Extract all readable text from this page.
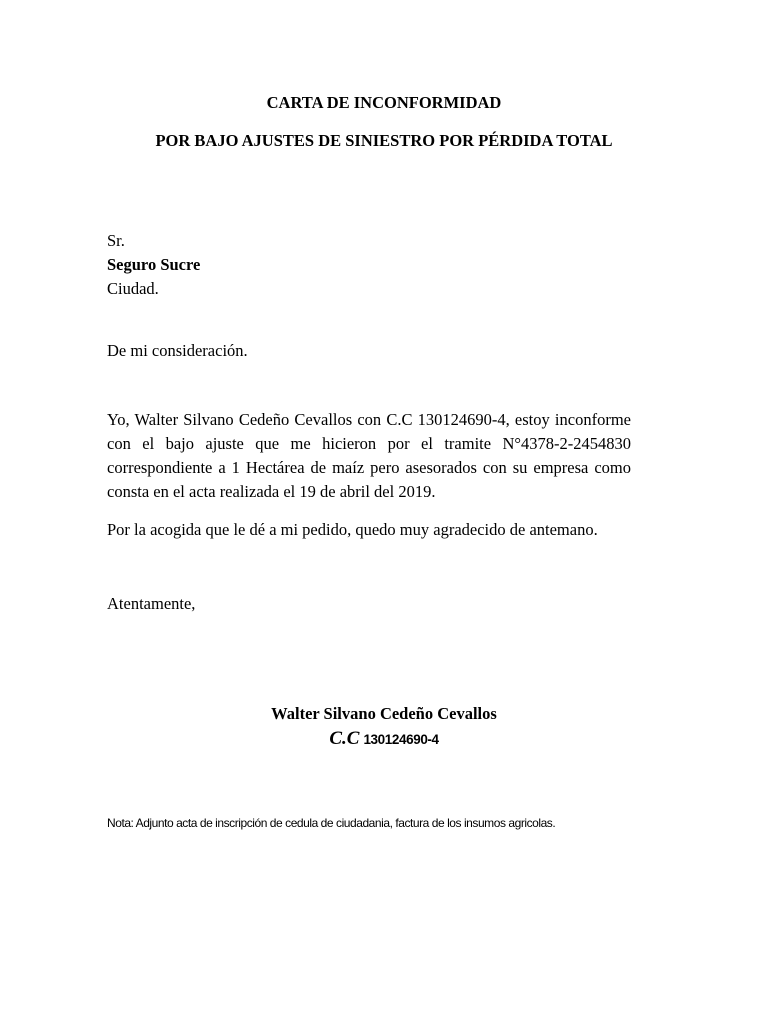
CARTA DE INCONFORMIDAD
POR BAJO AJUSTES DE SINIESTRO POR PÉRDIDA TOTAL
Sr.
Seguro Sucre
Ciudad.
De mi consideración.
Yo, Walter Silvano Cedeño Cevallos con C.C 130124690-4, estoy inconforme con el bajo ajuste que me hicieron por el tramite N°4378-2-2454830 correspondiente a 1 Hectárea de maíz pero asesorados con su empresa como consta en el acta realizada el 19 de abril del 2019.
Por la acogida que le dé a mi pedido, quedo muy agradecido de antemano.
Atentamente,
Walter Silvano Cedeño Cevallos
C.C 130124690-4
Nota: Adjunto acta de inscripción de cedula de ciudadania, factura de los insumos agricolas.
